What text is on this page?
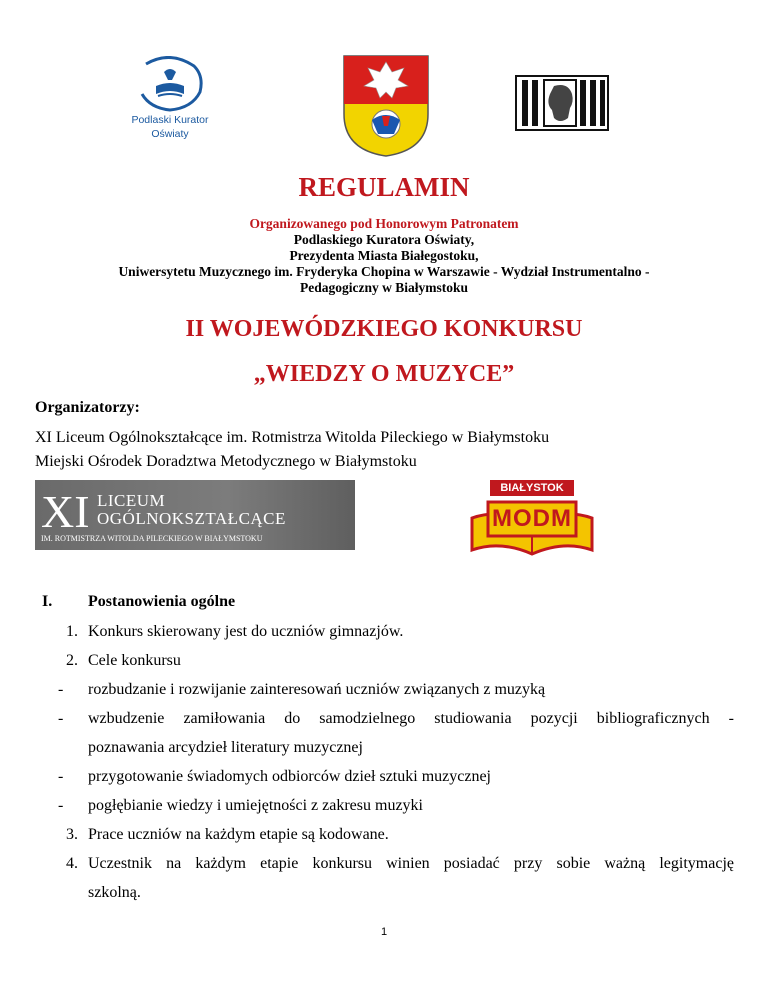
Podlaski Kurator
Oświaty
REGULAMIN
Organizowanego pod Honorowym Patronatem
Podlaskiego Kuratora Oświaty,
Prezydenta Miasta Białegostoku,
Uniwersytetu Muzycznego im. Fryderyka Chopina w Warszawie - Wydział Instrumentalno -
Pedagogiczny w Białymstoku
II WOJEWÓDZKIEGO KONKURSU
„WIEDZY O MUZYCE”
Organizatorzy:
XI Liceum Ogólnokształcące im. Rotmistrza Witolda Pileckiego w Białymstoku
Miejski Ośrodek Doradztwa Metodycznego w Białymstoku
XI LICEUM
OGÓLNOKSZTAŁCĄCE
IM. ROTMISTRZA WITOLDA PILECKIEGO W BIAŁYMSTOKU
BIAŁYSTOK
MODM
I. Postanowienia ogólne
1. Konkurs skierowany jest do uczniów gimnazjów.
2. Cele konkursu
- rozbudzanie i rozwijanie zainteresowań uczniów związanych z muzyką
- wzbudzenie zamiłowania do samodzielnego studiowania pozycji bibliograficznych -
poznawania arcydzieł literatury muzycznej
- przygotowanie świadomych odbiorców dzieł sztuki muzycznej
- pogłębianie wiedzy i umiejętności z zakresu muzyki
3. Prace uczniów na każdym etapie są kodowane.
4. Uczestnik na każdym etapie konkursu winien posiadać przy sobie ważną legitymację
szkolną.
1
